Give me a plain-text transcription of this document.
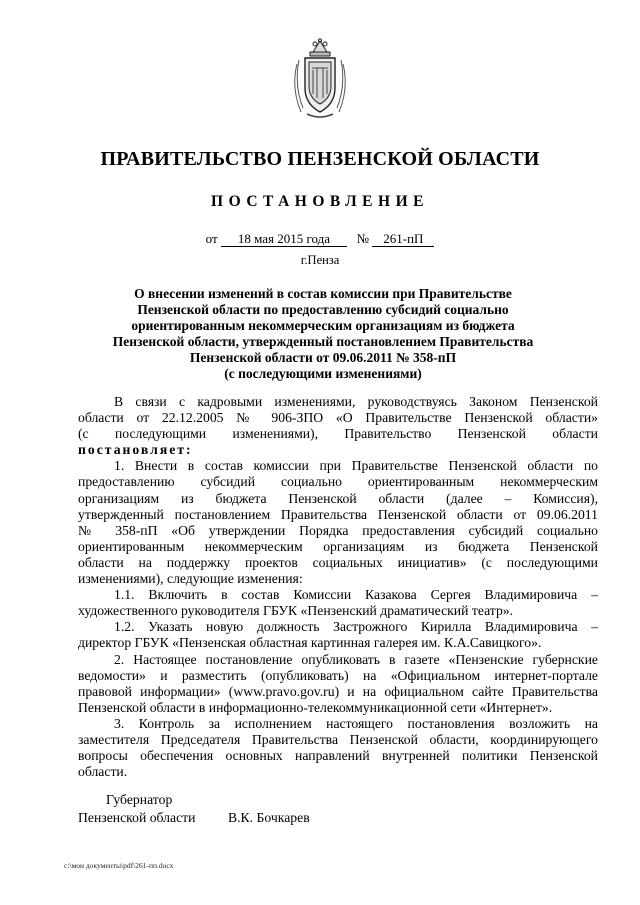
ПРАВИТЕЛЬСТВО ПЕНЗЕНСКОЙ ОБЛАСТИ
ПОСТАНОВЛЕНИЕ
от 18 мая 2015 года № 261-пП
г.Пенза
О внесении изменений в состав комиссии при Правительстве
Пензенской области по предоставлению субсидий социально
ориентированным некоммерческим организациям из бюджета
Пензенской области, утвержденный постановлением Правительства
Пензенской области от 09.06.2011 № 358-пП
(с последующими изменениями)
В связи с кадровыми изменениями, руководствуясь Законом Пензенской
области от 22.12.2005 № 906-ЗПО «О Правительстве Пензенской области»
(с последующими изменениями), Правительство Пензенской области
постановляет:
1. Внести в состав комиссии при Правительстве Пензенской области по
предоставлению субсидий социально ориентированным некоммерческим
организациям из бюджета Пензенской области (далее – Комиссия),
утвержденный постановлением Правительства Пензенской области от 09.06.2011
№ 358-пП «Об утверждении Порядка предоставления субсидий социально
ориентированным некоммерческим организациям из бюджета Пензенской
области на поддержку проектов социальных инициатив» (с последующими
изменениями), следующие изменения:
1.1. Включить в состав Комиссии Казакова Сергея Владимировича –
художественного руководителя ГБУК «Пензенский драматический театр».
1.2. Указать новую должность Застрожного Кирилла Владимировича –
директор ГБУК «Пензенская областная картинная галерея им. К.А.Савицкого».
2. Настоящее постановление опубликовать в газете «Пензенские губернские
ведомости» и разместить (опубликовать) на «Официальном интернет-портале
правовой информации» (www.pravo.gov.ru) и на официальном сайте Правительства
Пензенской области в информационно-телекоммуникационной сети «Интернет».
3. Контроль за исполнением настоящего постановления возложить на
заместителя Председателя Правительства Пензенской области, координирующего
вопросы обеспечения основных направлений внутренней политики Пензенской
области.
Губернатор
Пензенской области В.К. Бочкарев
c:\мои документы\pdf\261-пп.docx
